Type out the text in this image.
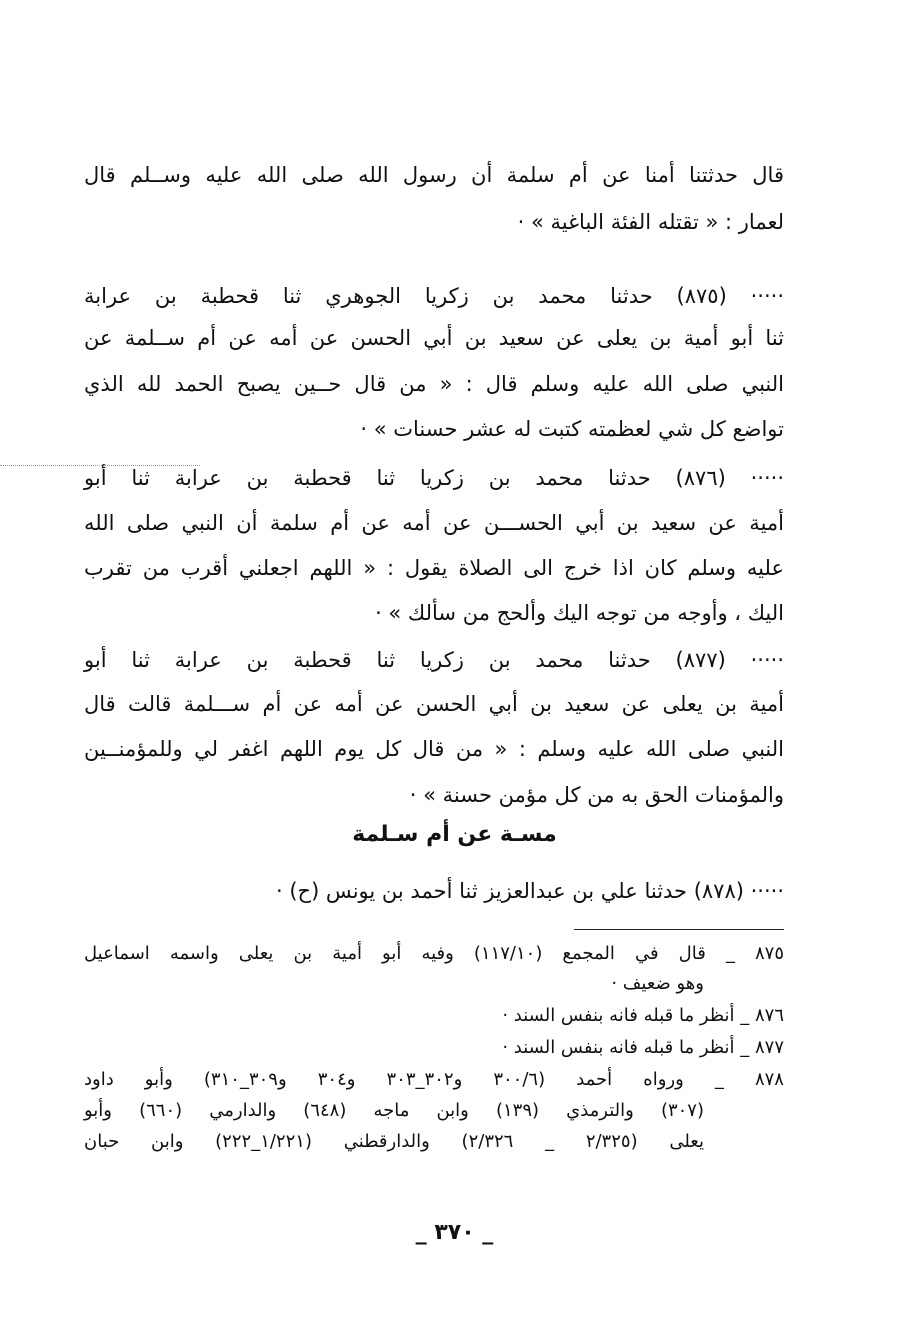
قال حدثتنا أمنا عن أم سلمة أن رسول الله صلى الله عليه وســلم قال
لعمار : « تقتله الفئة الباغية » ·
····· (٨٧٥) حدثنا محمد بن زكريا الجوهري ثنا قحطبة بن عرابة
ثنا أبو أمية بن يعلى عن سعيد بن أبي الحسن عن أمه عن أم ســلمة عن
النبي صلى الله عليه وسلم قال : « من قال حــين يصبح الحمد لله الذي
تواضع كل شي لعظمته كتبت له عشر حسنات » ·
····· (٨٧٦) حدثنا محمد بن زكريا ثنا قحطبة بن عرابة ثنا أبو
أمية عن سعيد بن أبي الحســـن عن أمه عن أم سلمة أن النبي صلى الله
عليه وسلم كان اذا خرج الى الصلاة يقول : « اللهم اجعلني أقرب من تقرب
اليك ، وأوجه من توجه اليك وألحج من سألك » ·
····· (٨٧٧) حدثنا محمد بن زكريا ثنا قحطبة بن عرابة ثنا أبو
أمية بن يعلى عن سعيد بن أبي الحسن عن أمه عن أم ســـلمة قالت قال
النبي صلى الله عليه وسلم : « من قال كل يوم اللهم اغفر لي وللمؤمنــين
والمؤمنات الحق به من كل مؤمن حسنة » ·
مسـة عن أم سـلمة
····· (٨٧٨) حدثنا علي بن عبدالعزيز ثنا أحمد بن يونس (ح) ·
٨٧٥ _ قال في المجمع (١١٧/١٠) وفيه أبو أمية بن يعلى واسمه اسماعيل
وهو ضعيف ·
٨٧٦ _ أنظر ما قبله فانه بنفس السند ·
٨٧٧ _ أنظر ما قبله فانه بنفس السند ·
٨٧٨ _ ورواه أحمد (٣٠٠/٦ و٣٠٢_٣٠٣ و٣٠٤ و٣٠٩_٣١٠) وأبو داود
(٣٠٧) والترمذي (١٣٩) وابن ماجه (٦٤٨) والدارمي (٦٦٠) وأبو
يعلى (٢/٣٢٥ _ ٢/٣٢٦) والدارقطني (١/٢٢١_٢٢٢) وابن حبان
_ ٣٧٠ _
